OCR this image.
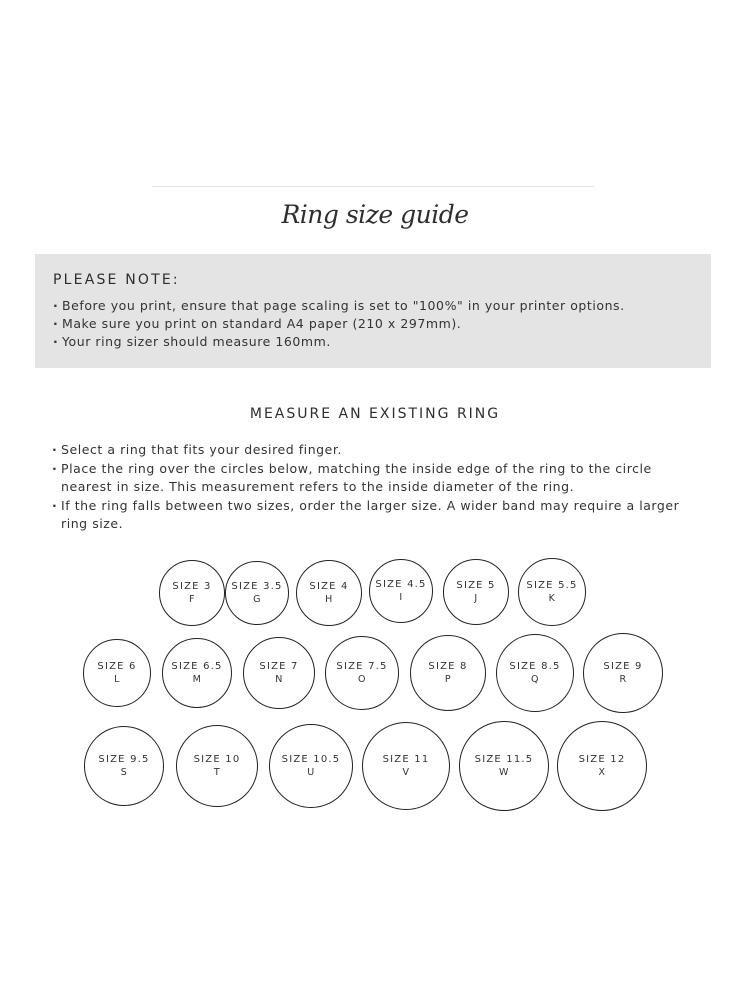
Ring size guide
PLEASE NOTE:
· Before you print, ensure that page scaling is set to "100%" in your printer options.
· Make sure you print on standard A4 paper (210 x 297mm).
· Your ring sizer should measure 160mm.
MEASURE AN EXISTING RING
· Select a ring that fits your desired finger.
· Place the ring over the circles below, matching the inside edge of the ring to the circle nearest in size. This measurement refers to the inside diameter of the ring.
· If the ring falls between two sizes, order the larger size. A wider band may require a larger ring size.
SIZE 3
F
SIZE 3.5
G
SIZE 4
H
SIZE 4.5
I
SIZE 5
J
SIZE 5.5
K
SIZE 6
L
SIZE 6.5
M
SIZE 7
N
SIZE 7.5
O
SIZE 8
P
SIZE 8.5
Q
SIZE 9
R
SIZE 9.5
S
SIZE 10
T
SIZE 10.5
U
SIZE 11
V
SIZE 11.5
W
SIZE 12
X
